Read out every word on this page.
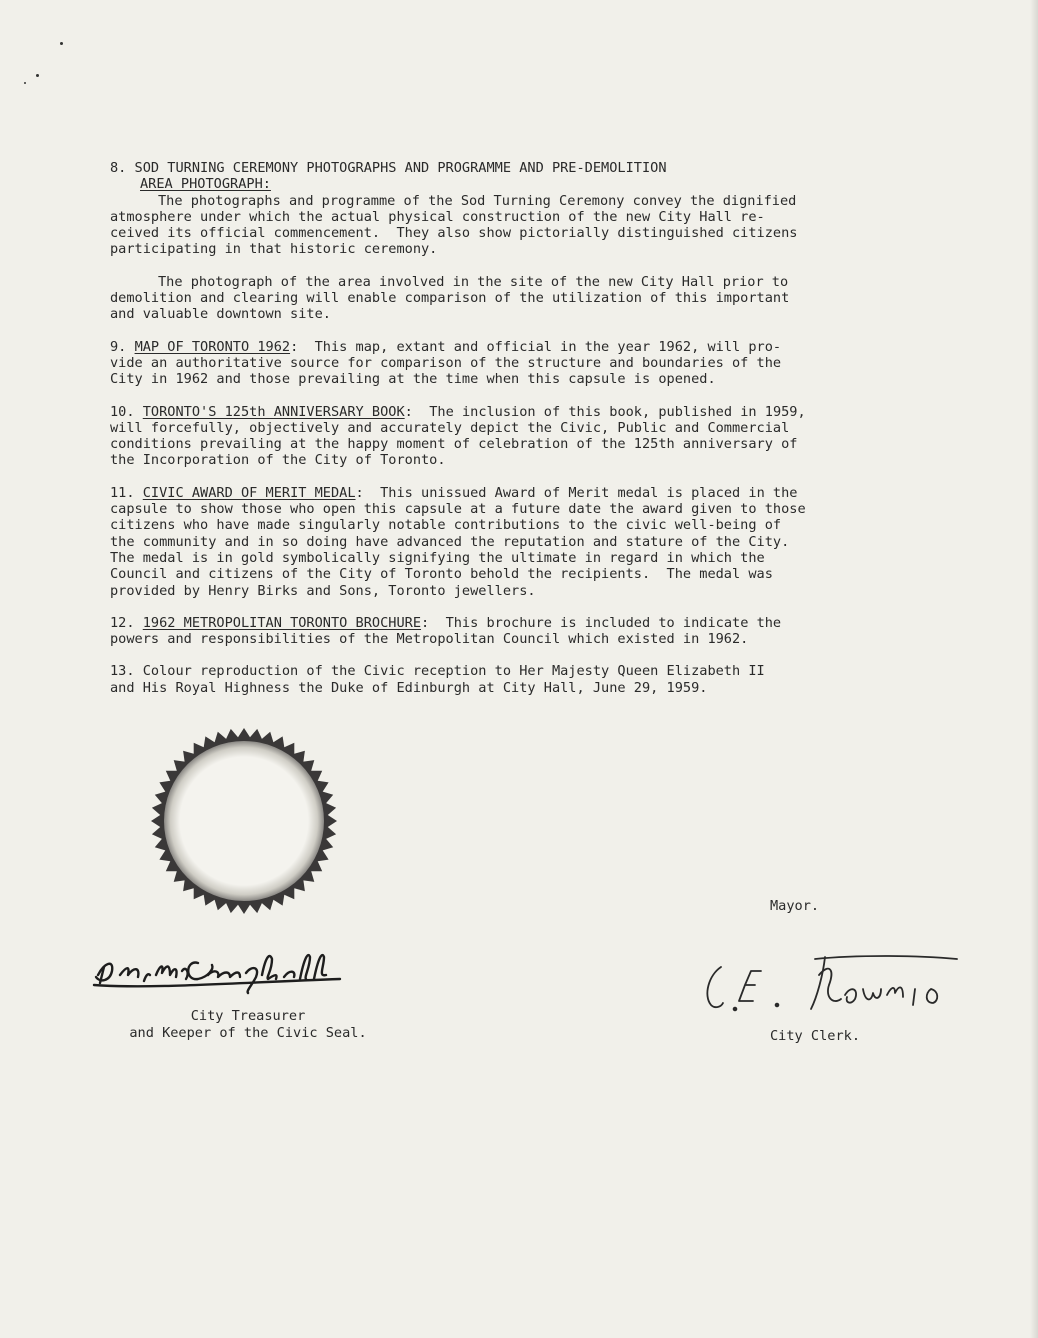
8. SOD TURNING CEREMONY PHOTOGRAPHS AND PROGRAMME AND PRE-DEMOLITION
AREA PHOTOGRAPH:
The photographs and programme of the Sod Turning Ceremony convey the dignified
atmosphere under which the actual physical construction of the new City Hall re-
ceived its official commencement.  They also show pictorially distinguished citizens
participating in that historic ceremony.
The photograph of the area involved in the site of the new City Hall prior to
demolition and clearing will enable comparison of the utilization of this important
and valuable downtown site.
9. MAP OF TORONTO 1962:  This map, extant and official in the year 1962, will pro-
vide an authoritative source for comparison of the structure and boundaries of the
City in 1962 and those prevailing at the time when this capsule is opened.
10. TORONTO'S 125th ANNIVERSARY BOOK:  The inclusion of this book, published in 1959,
will forcefully, objectively and accurately depict the Civic, Public and Commercial
conditions prevailing at the happy moment of celebration of the 125th anniversary of
the Incorporation of the City of Toronto.
11. CIVIC AWARD OF MERIT MEDAL:  This unissued Award of Merit medal is placed in the
capsule to show those who open this capsule at a future date the award given to those
citizens who have made singularly notable contributions to the civic well-being of
the community and in so doing have advanced the reputation and stature of the City.
The medal is in gold symbolically signifying the ultimate in regard in which the
Council and citizens of the City of Toronto behold the recipients.  The medal was
provided by Henry Birks and Sons, Toronto jewellers.
12. 1962 METROPOLITAN TORONTO BROCHURE:  This brochure is included to indicate the
powers and responsibilities of the Metropolitan Council which existed in 1962.
13. Colour reproduction of the Civic reception to Her Majesty Queen Elizabeth II
and His Royal Highness the Duke of Edinburgh at City Hall, June 29, 1959.
Mayor.
City Treasurer
and Keeper of the Civic Seal.	City Clerk.
